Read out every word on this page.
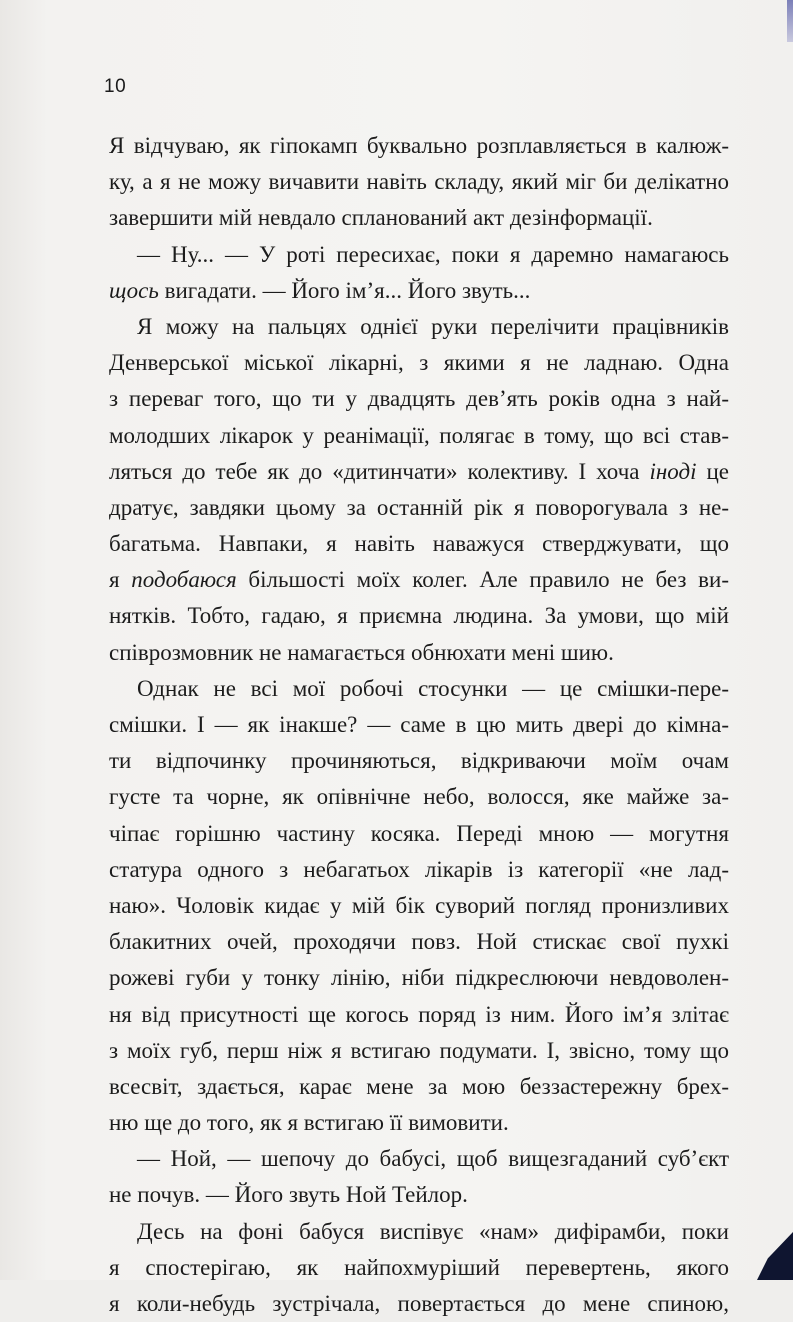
10
Я відчуваю, як гіпокамп буквально розплавляється в калюж-
ку, а я не можу вичавити навіть складу, який міг би делікатно
завершити мій невдало спланований акт дезінформації.
— Ну... — У роті пересихає, поки я даремно намагаюсь
щось вигадати. — Його ім’я... Його звуть...
Я можу на пальцях однієї руки перелічити працівників
Денверської міської лікарні, з якими я не ладнаю. Одна
з переваг того, що ти у двадцять дев’ять років одна з най-
молодших лікарок у реанімації, полягає в тому, що всі став-
ляться до тебе як до «дитинчати» колективу. І хоча іноді це
дратує, завдяки цьому за останній рік я поворогувала з не-
багатьма. Навпаки, я навіть наважуся стверджувати, що
я подобаюся більшості моїх колег. Але правило не без ви-
нятків. Тобто, гадаю, я приємна людина. За умови, що мій
співрозмовник не намагається обнюхати мені шию.
Однак не всі мої робочі стосунки — це смішки-пере-
смішки. І — як інакше? — саме в цю мить двері до кімна-
ти відпочинку прочиняються, відкриваючи моїм очам
густе та чорне, як опівнічне небо, волосся, яке майже за-
чіпає горішню частину косяка. Переді мною — могутня
статура одного з небагатьох лікарів із категорії «не лад-
наю». Чоловік кидає у мій бік суворий погляд пронизливих
блакитних очей, проходячи повз. Ной стискає свої пухкі
рожеві губи у тонку лінію, ніби підкреслюючи невдоволен-
ня від присутності ще когось поряд із ним. Його ім’я злітає
з моїх губ, перш ніж я встигаю подумати. І, звісно, тому що
всесвіт, здається, карає мене за мою беззастережну брех-
ню ще до того, як я встигаю її вимовити.
— Ной, — шепочу до бабусі, щоб вищезгаданий суб’єкт
не почув. — Його звуть Ной Тейлор.
Десь на фоні бабуся виспівує «нам» дифірамби, поки
я спостерігаю, як найпохмуріший перевертень, якого
я коли-небудь зустрічала, повертається до мене спиною,
